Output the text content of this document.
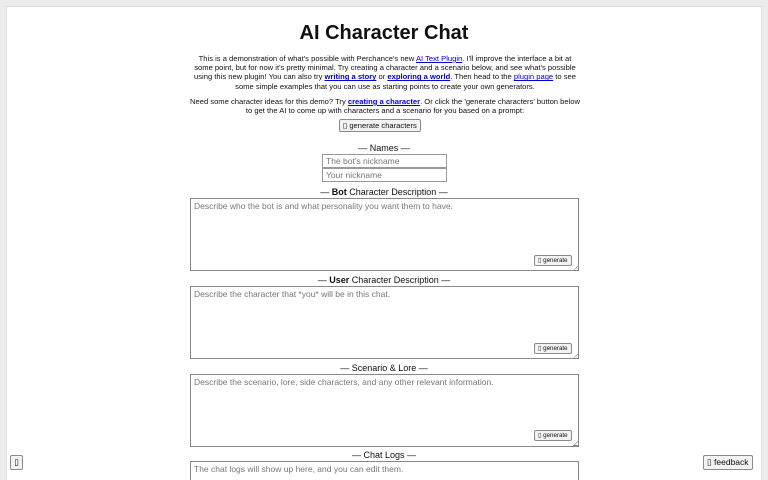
AI Character Chat

This is a demonstration of what's possible with Perchance's new AI Text Plugin. I'll improve the interface a bit at some point, but for now it's pretty minimal. Try creating a character and a scenario below, and see what's possible using this new plugin! You can also try writing a story or exploring a world. Then head to the plugin page to see some simple examples that you can use as starting points to create your own generators.

Need some character ideas for this demo? Try creating a character. Or click the 'generate characters' button below to get the AI to come up with characters and a scenario for you based on a prompt:

▯ generate characters
— Names —
The bot's nickname
Your nickname
— Bot Character Description —
Describe who the bot is and what personality you want them to have.
▯ generate
— User Character Description —
Describe the character that *you* will be in this chat.
▯ generate
— Scenario & Lore —
Describe the scenario, lore, side characters, and any other relevant information.
▯ generate
— Chat Logs —
The chat logs will show up here, and you can edit them.
▯	▯ feedback
